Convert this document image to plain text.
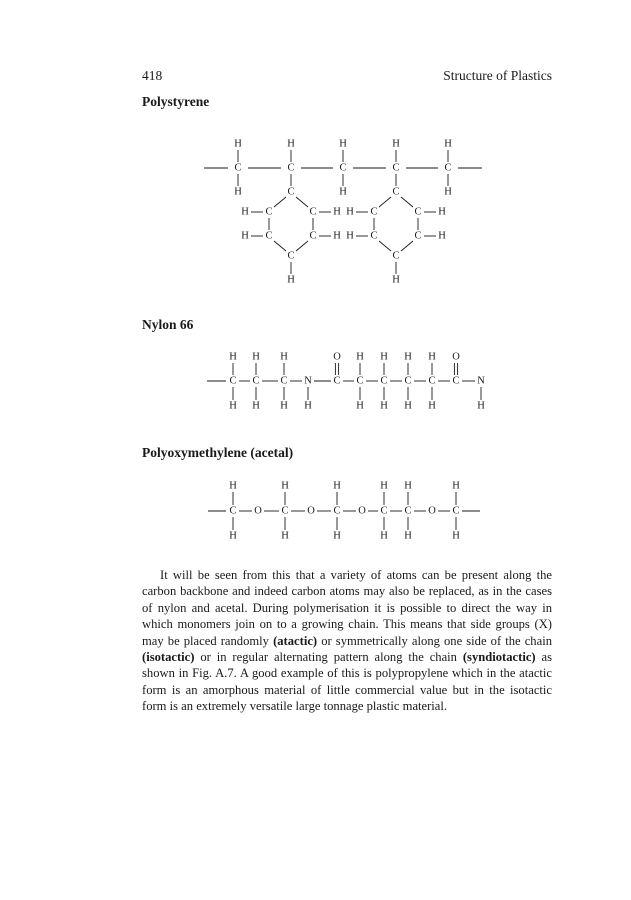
418	Structure of Plastics
Polystyrene
H
C
H
C
H
C
H
C
H
C
H	H	H
C
C	C
C	C
C
H
H
H
H
H
C
C	C
C	C
C
H
H
H
H
H
Nylon 66
C
H
H
C
H
H
C
H
H
N
H
C
O
C
H
H
C
H
H
C
H
H
C
H
H
C
O
N
H
Polyoxymethylene (acetal)
C
H
H
O C
H
H
O C
H
H
O C
H
H
C
H
H
O C
H
H

It will be seen from this that a variety of atoms can be present along the carbon backbone and indeed carbon atoms may also be replaced, as in the cases of nylon and acetal. During polymerisation it is possible to direct the way in which monomers join on to a growing chain. This means that side groups (X) may be placed randomly (atactic) or symmetrically along one side of the chain (isotactic) or in regular alternating pattern along the chain (syndiotactic) as shown in Fig. A.7. A good example of this is polypropylene which in the atactic form is an amorphous material of little commercial value but in the isotactic form is an extremely versatile large tonnage plastic material.
